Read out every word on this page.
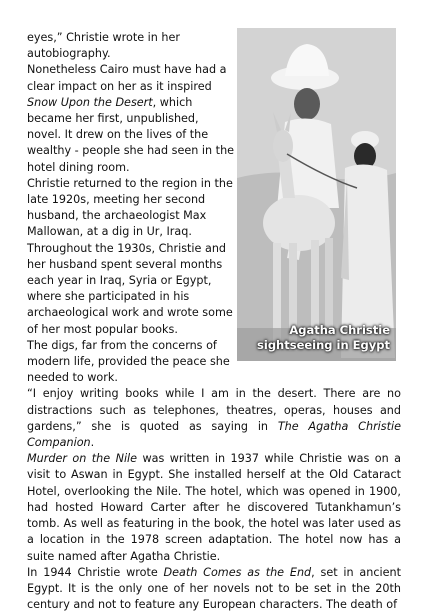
Agatha Christie
sightseeing in Egypt

eyes,” Christie wrote in her autobiography.

Nonetheless Cairo must have had a clear impact on her as it inspired Snow Upon the Desert, which became her first, unpublished, novel. It drew on the lives of the wealthy - people she had seen in the hotel dining room.

Christie returned to the region in the late 1920s, meeting her second husband, the archaeologist Max Mallowan, at a dig in Ur, Iraq. Throughout the 1930s, Christie and her husband spent several months each year in Iraq, Syria or Egypt, where she participated in his archaeological work and wrote some of her most popular books.

The digs, far from the concerns of modern life, provided the peace she needed to work.

“I enjoy writing books while I am in the desert. There are no distractions such as telephones, theatres, operas, houses and gardens,” she is quoted as saying in The Agatha Christie Companion.

Murder on the Nile was written in 1937 while Christie was on a visit to Aswan in Egypt. She installed herself at the Old Cataract Hotel, overlooking the Nile. The hotel, which was opened in 1900, had hosted Howard Carter after he discovered Tutankhamun’s tomb. As well as featuring in the book, the hotel was later used as a location in the 1978 screen adaptation. The hotel now has a suite named after Agatha Christie.

In 1944 Christie wrote Death Comes as the End, set in ancient Egypt. It is the only one of her novels not to be set in the 20th century and not to feature any European characters. The death of
